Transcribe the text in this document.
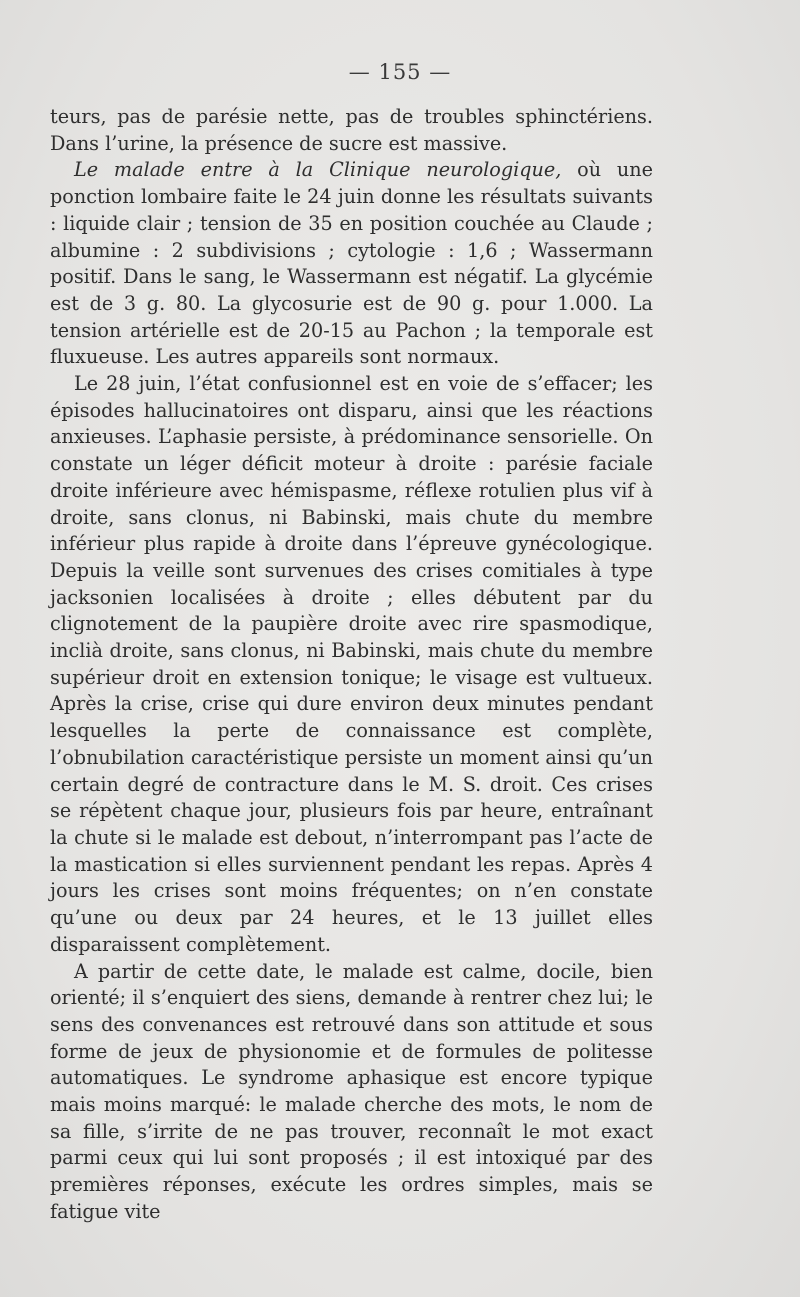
— 155 —

teurs, pas de parésie nette, pas de troubles sphinctériens. Dans l’urine, la présence de sucre est massive.

Le malade entre à la Clinique neurologique, où une ponction lombaire faite le 24 juin donne les résultats suivants : liquide clair ; tension de 35 en position couchée au Claude ; albumine : 2 subdivisions ; cytologie : 1,6 ; Wassermann positif. Dans le sang, le Wassermann est négatif. La glycémie est de 3 g. 80. La glycosurie est de 90 g. pour 1.000. La tension artérielle est de 20-15 au Pachon ; la temporale est fluxueuse. Les autres appareils sont normaux.

Le 28 juin, l’état confusionnel est en voie de s’effacer; les épisodes hallucinatoires ont disparu, ainsi que les réactions anxieuses. L’aphasie persiste, à prédominance sensorielle. On constate un léger déficit moteur à droite : parésie faciale droite inférieure avec hémispasme, réflexe rotulien plus vif à droite, sans clonus, ni Babinski, mais chute du membre inférieur plus rapide à droite dans l’épreuve gynécologique. Depuis la veille sont survenues des crises comitiales à type jacksonien localisées à droite ; elles débutent par du clignotement de la paupière droite avec rire spasmodique, inclià droite, sans clonus, ni Babinski, mais chute du membre supérieur droit en extension tonique; le visage est vultueux. Après la crise, crise qui dure environ deux minutes pendant lesquelles la perte de connaissance est complète, l’obnubilation caractéristique persiste un moment ainsi qu’un certain degré de contracture dans le M. S. droit. Ces crises se répètent chaque jour, plusieurs fois par heure, entraînant la chute si le malade est debout, n’interrompant pas l’acte de la mastication si elles surviennent pendant les repas. Après 4 jours les crises sont moins fréquentes; on n’en constate qu’une ou deux par 24 heures, et le 13 juillet elles disparaissent complètement.

A partir de cette date, le malade est calme, docile, bien orienté; il s’enquiert des siens, demande à rentrer chez lui; le sens des convenances est retrouvé dans son attitude et sous forme de jeux de physionomie et de formules de politesse automatiques. Le syndrome aphasique est encore typique mais moins marqué: le malade cherche des mots, le nom de sa fille, s’irrite de ne pas trouver, reconnaît le mot exact parmi ceux qui lui sont proposés ; il est intoxiqué par des premières réponses, exécute les ordres simples, mais se fatigue vite
